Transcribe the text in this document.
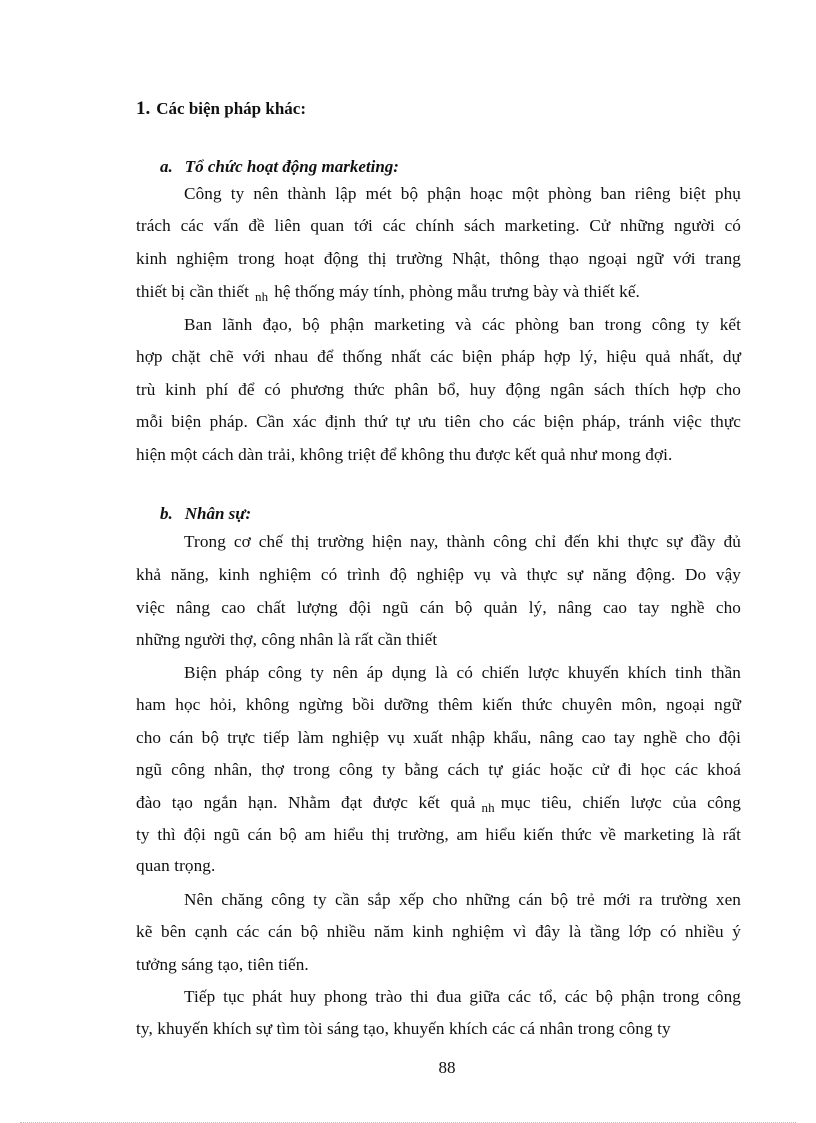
1. Các biện pháp khác:
a. Tổ chức hoạt động marketing:
Công ty nên thành lập mét bộ phận hoạc một phòng ban riêng biệt phụ
trách các vấn đề liên quan tới các chính sách marketing. Cử những người có
kinh nghiệm trong hoạt động thị trường Nhật, thông thạo ngoại ngữ với trang
thiết bị cần thiết $_{nh}$ hệ thống máy tính, phòng mẫu trưng bày và thiết kế.
Ban lãnh đạo, bộ phận marketing và các phòng ban trong công ty kết
hợp chặt chẽ với nhau để thống nhất các biện pháp hợp lý, hiệu quả nhất, dự
trù kinh phí để có phương thức phân bổ, huy động ngân sách thích hợp cho
mỗi biện pháp. Cần xác định thứ tự ưu tiên cho các biện pháp, tránh việc thực
hiện một cách dàn trải, không triệt để không thu được kết quả như mong đợi.
b. Nhân sự:
Trong cơ chế thị trường hiện nay, thành công chỉ đến khi thực sự đầy đủ
khả năng, kinh nghiệm có trình độ nghiệp vụ và thực sự năng động. Do vậy
việc nâng cao chất lượng đội ngũ cán bộ quản lý, nâng cao tay nghề cho
những người thợ, công nhân là rất cần thiết
Biện pháp công ty nên áp dụng là có chiến lược khuyến khích tinh thần
ham học hỏi, không ngừng bồi dưỡng thêm kiến thức chuyên môn, ngoại ngữ
cho cán bộ trực tiếp làm nghiệp vụ xuất nhập khẩu, nâng cao tay nghề cho đội
ngũ công nhân, thợ trong công ty bằng cách tự giác hoặc cử đi học các khoá
đào tạo ngắn hạn. Nhằm đạt được kết quả $_{nh}$ mục tiêu, chiến lược của công
ty thì đội ngũ cán bộ am hiểu thị trường, am hiểu kiến thức về marketing là rất
quan trọng.
Nên chăng công ty cần sắp xếp cho những cán bộ trẻ mới ra trường xen
kẽ bên cạnh các cán bộ nhiều năm kinh nghiệm vì đây là tầng lớp có nhiều ý
tưởng sáng tạo, tiên tiến.
Tiếp tục phát huy phong trào thi đua giữa các tổ, các bộ phận trong công
ty, khuyến khích sự tìm tòi sáng tạo, khuyến khích các cá nhân trong công ty
88
